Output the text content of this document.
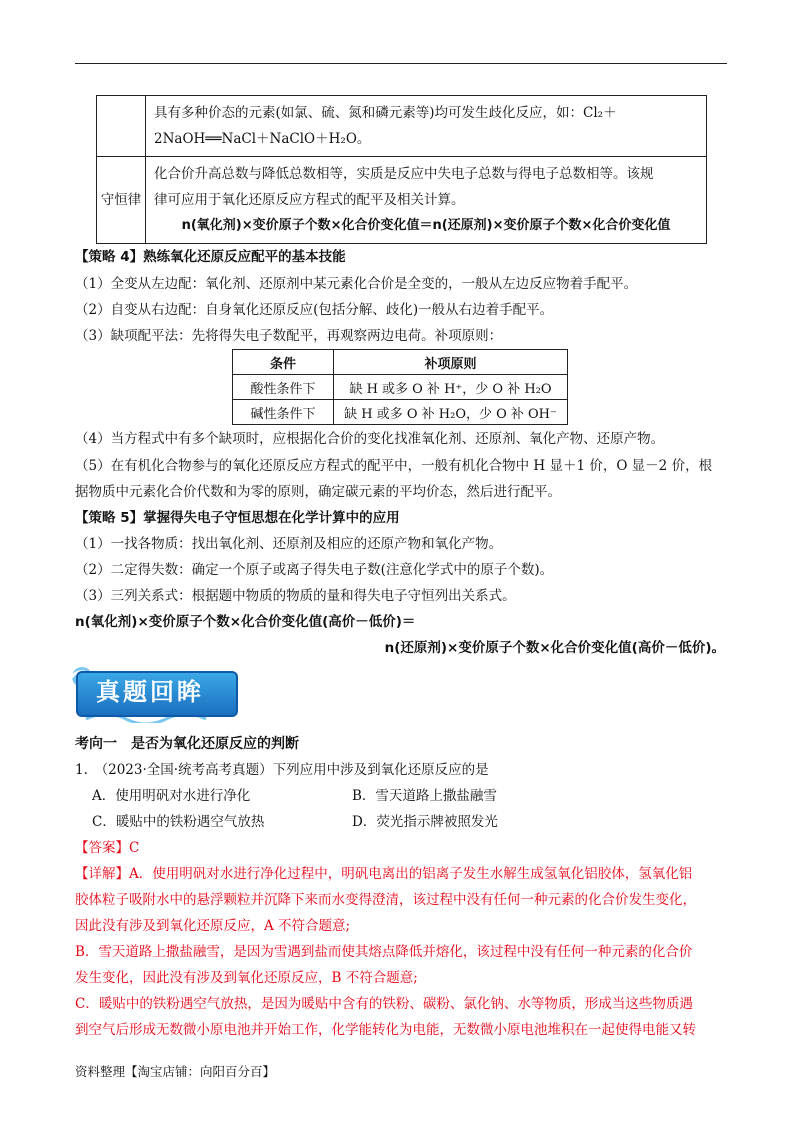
	具有多种价态的元素(如氯、硫、氮和磷元素等)均可发生歧化反应，如：Cl₂＋
2NaOH══NaCl＋NaClO＋H₂O。

守恒律	化合价升高总数与降低总数相等，实质是反应中失电子总数与得电子总数相等。该规
律可应用于氧化还原反应方程式的配平及相关计算。
n(氧化剂)×变价原子个数×化合价变化值＝n(还原剂)×变价原子个数×化合价变化值
【策略 4】熟练氧化还原反应配平的基本技能
（1）全变从左边配：氧化剂、还原剂中某元素化合价是全变的，一般从左边反应物着手配平。
（2）自变从右边配：自身氧化还原反应(包括分解、歧化)一般从右边着手配平。
（3）缺项配平法：先将得失电子数配平，再观察两边电荷。补项原则：
条件	补项原则
酸性条件下	缺 H 或多 O 补 H⁺，少 O 补 H₂O
碱性条件下	缺 H 或多 O 补 H₂O，少 O 补 OH⁻
（4）当方程式中有多个缺项时，应根据化合价的变化找准氧化剂、还原剂、氧化产物、还原产物。
（5）在有机化合物参与的氧化还原反应方程式的配平中，一般有机化合物中 H 显＋1 价，O 显－2 价，根
据物质中元素化合价代数和为零的原则，确定碳元素的平均价态，然后进行配平。
【策略 5】掌握得失电子守恒思想在化学计算中的应用
（1）一找各物质：找出氧化剂、还原剂及相应的还原产物和氧化产物。
（2）二定得失数：确定一个原子或离子得失电子数(注意化学式中的原子个数)。
（3）三列关系式：根据题中物质的物质的量和得失电子守恒列出关系式。
n(氧化剂)×变价原子个数×化合价变化值(高价－低价)＝
n(还原剂)×变价原子个数×化合价变化值(高价－低价)。
真题回眸
考向一　是否为氧化还原反应的判断
1.　（2023·全国·统考高考真题）下列应用中涉及到氧化还原反应的是
A．使用明矾对水进行净化	B．雪天道路上撒盐融雪
C．暖贴中的铁粉遇空气放热	D．荧光指示牌被照发光
【答案】C
【详解】A．使用明矾对水进行净化过程中，明矾电离出的铝离子发生水解生成氢氧化铝胶体，氢氧化铝
胶体粒子吸附水中的悬浮颗粒并沉降下来而水变得澄清，该过程中没有任何一种元素的化合价发生变化，
因此没有涉及到氧化还原反应，A 不符合题意;
B．雪天道路上撒盐融雪，是因为雪遇到盐而使其熔点降低并熔化，该过程中没有任何一种元素的化合价
发生变化，因此没有涉及到氧化还原反应，B 不符合题意;
C．暖贴中的铁粉遇空气放热，是因为暖贴中含有的铁粉、碳粉、氯化钠、水等物质，形成当这些物质遇
到空气后形成无数微小原电池并开始工作，化学能转化为电能，无数微小原电池堆积在一起使得电能又转
资料整理【淘宝店铺：向阳百分百】
